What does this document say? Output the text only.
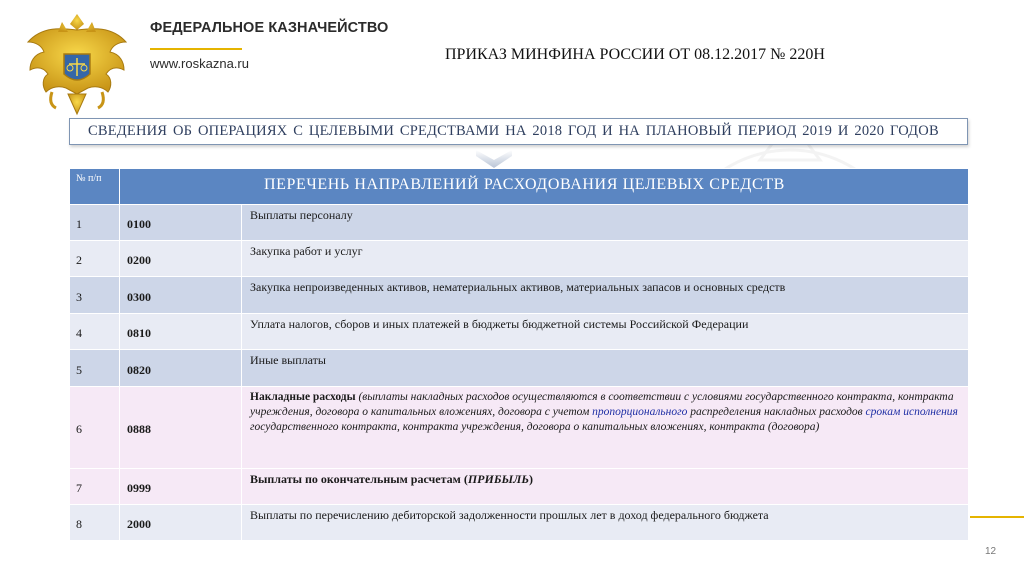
ФЕДЕРАЛЬНОЕ КАЗНАЧЕЙСТВО
www.roskazna.ru
ПРИКАЗ МИНФИНА РОССИИ ОТ 08.12.2017 № 220Н
СВЕДЕНИЯ ОБ ОПЕРАЦИЯХ С ЦЕЛЕВЫМИ СРЕДСТВАМИ НА 2018 ГОД И НА ПЛАНОВЫЙ ПЕРИОД 2019 И 2020 ГОДОВ
№ п/п	ПЕРЕЧЕНЬ НАПРАВЛЕНИЙ РАСХОДОВАНИЯ ЦЕЛЕВЫХ СРЕДСТВ	
1	0100	Выплаты персоналу
2	0200	Закупка работ и услуг
3	0300	Закупка непроизведенных активов, нематериальных активов, материальных запасов и основных средств
4	0810	Уплата налогов, сборов и иных платежей в бюджеты бюджетной системы Российской Федерации
5	0820	Иные выплаты
6	0888	Накладные расходы (выплаты накладных расходов осуществляются в соответствии с условиями государственного контракта, контракта учреждения, договора о капитальных вложениях, договора с учетом пропорционального распределения накладных расходов срокам исполнения государственного контракта, контракта учреждения, договора о капитальных вложениях, контракта (договора)
7	0999	Выплаты по окончательным расчетам (ПРИБЫЛЬ)
8	2000	Выплаты по перечислению дебиторской задолженности прошлых лет в доход федерального бюджета
12
